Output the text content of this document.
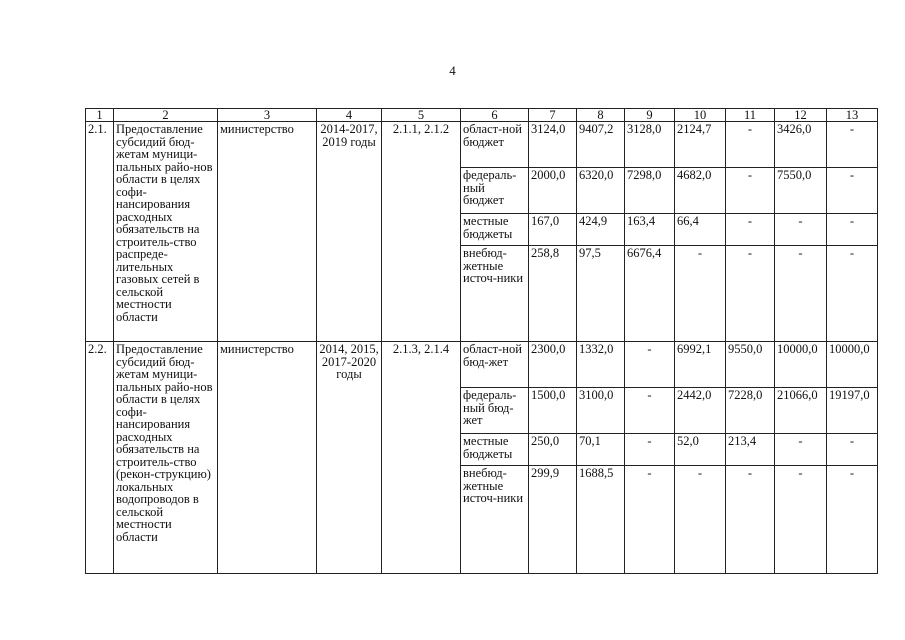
4
1	2	3	4	5	6	7	8	9	10	11	12	13
2.1.	Предоставление субсидий бюд-жетам муници-пальных райо-нов области в целях софи-нансирования расходных обязательств на строитель-ство распреде-лительных газовых сетей в сельской местности области	министерство	2014-2017, 2019 годы	2.1.1, 2.1.2	област-ной бюджет	3124,0	9407,2	3128,0	2124,7	-	3426,0	-
					федераль-ный бюджет	2000,0	6320,0	7298,0	4682,0	-	7550,0	-
					местные бюджеты	167,0	424,9	163,4	66,4	-	-	-
					внебюд-жетные источ-ники	258,8	97,5	6676,4	-	-	-	-
2.2.	Предоставление субсидий бюд-жетам муници-пальных райо-нов области в целях софи-нансирования расходных обязательств на строитель-ство (рекон-струкцию) локальных водопроводов в сельской местности области	министерство	2014, 2015, 2017-2020 годы	2.1.3, 2.1.4	област-ной бюд-жет	2300,0	1332,0	-	6992,1	9550,0	10000,0	10000,0
					федераль-ный бюд-жет	1500,0	3100,0	-	2442,0	7228,0	21066,0	19197,0
					местные бюджеты	250,0	70,1	-	52,0	213,4	-	-
					внебюд-жетные источ-ники	299,9	1688,5	-	-	-	-	-
